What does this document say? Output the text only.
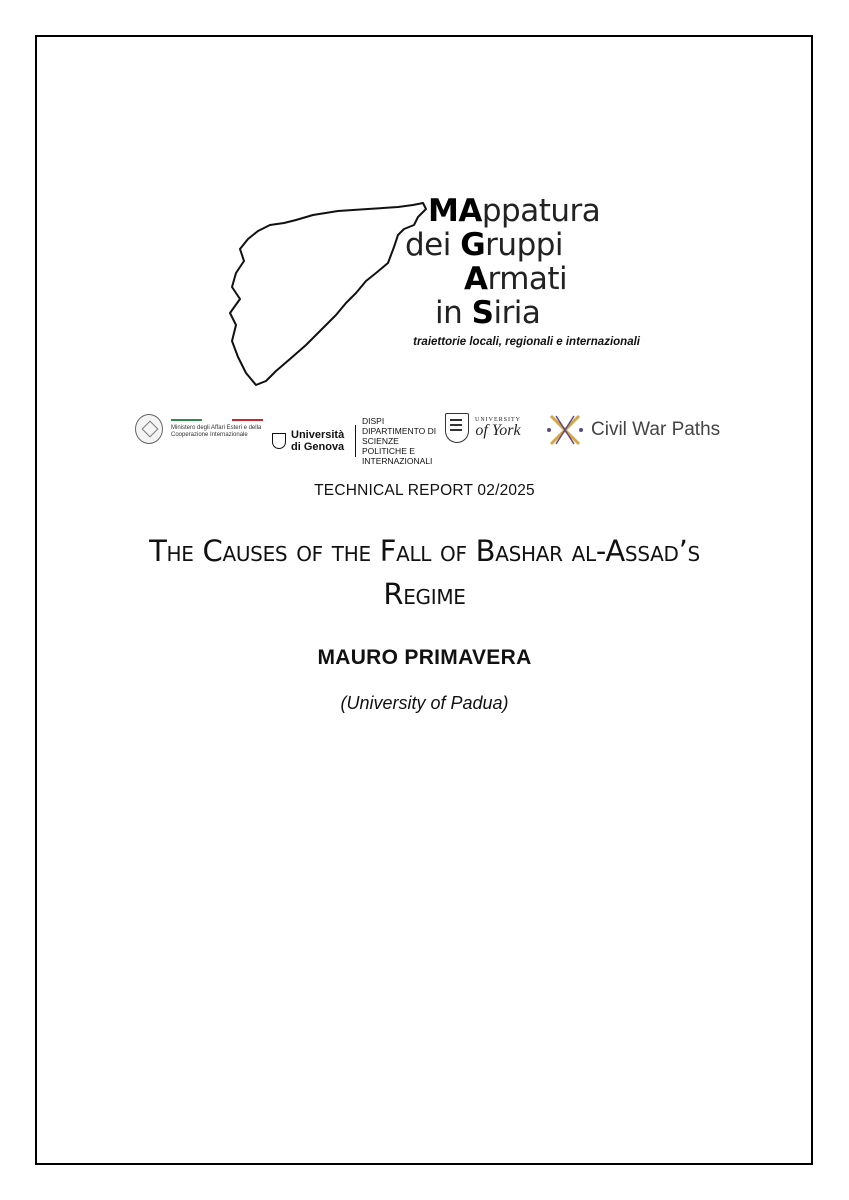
MAppatura
dei Gruppi
Armati
in Siria
traiettorie locali, regionali e internazionali
Ministero degli Affari Esteri e della Cooperazione Internazionale	Università di Genova
DISPI DIPARTIMENTO DI SCIENZE POLITICHE E INTERNAZIONALI
UNIVERSITY
of York	Civil War Paths
TECHNICAL REPORT 02/2025
The Causes of the Fall of Bashar al-Assad’s Regime
MAURO PRIMAVERA
(University of Padua)
